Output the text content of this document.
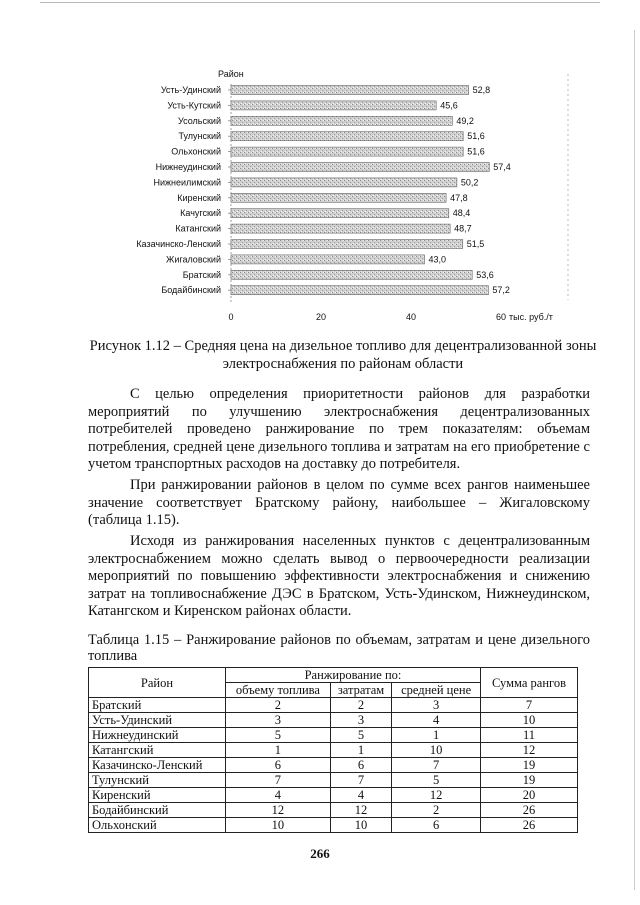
Район
Усть-Удинский	52,8
Усть-Кутский	45,6
Усольский	49,2
Тулунский	51,6
Ольхонский	51,6
Нижнеудинский	57,4
Нижнеилимский	50,2
Киренский	47,8
Качугский	48,4
Катангский	48,7
Казачинско-Ленский	51,5
Жигаловский	43,0
Братский	53,6
Бодайбинский	57,2
0	20	40	60 тыс. руб./т
Рисунок 1.12 – Средняя цена на дизельное топливо для децентрализованной зоны электроснабжения по районам области

С целью определения приоритетности районов для разработки мероприятий по улучшению электроснабжения децентрализованных потребителей проведено ранжирование по трем показателям: объемам потребления, средней цене дизельного топлива и затратам на его приобретение с учетом транспортных расходов на доставку до потребителя.

При ранжировании районов в целом по сумме всех рангов наименьшее значение соответствует Братскому району, наибольшее – Жигаловскому (таблица 1.15).

Исходя из ранжирования населенных пунктов с децентрализованным электроснабжением можно сделать вывод о первоочередности реализации мероприятий по повышению эффективности электроснабжения и снижению затрат на топливоснабжение ДЭС в Братском, Усть-Удинском, Нижнеудинском, Катангском и Киренском районах области.

Таблица 1.15 – Ранжирование районов по объемам, затратам и цене дизельного топлива

Район	Ранжирование по:			Сумма рангов
	объему топлива	затратам	средней цене	
Братский	2	2	3	7
Усть-Удинский	3	3	4	10
Нижнеудинский	5	5	1	11
Катангский	1	1	10	12
Казачинско-Ленский	6	6	7	19
Тулунский	7	7	5	19
Киренский	4	4	12	20
Бодайбинский	12	12	2	26
Ольхонский	10	10	6	26
266
